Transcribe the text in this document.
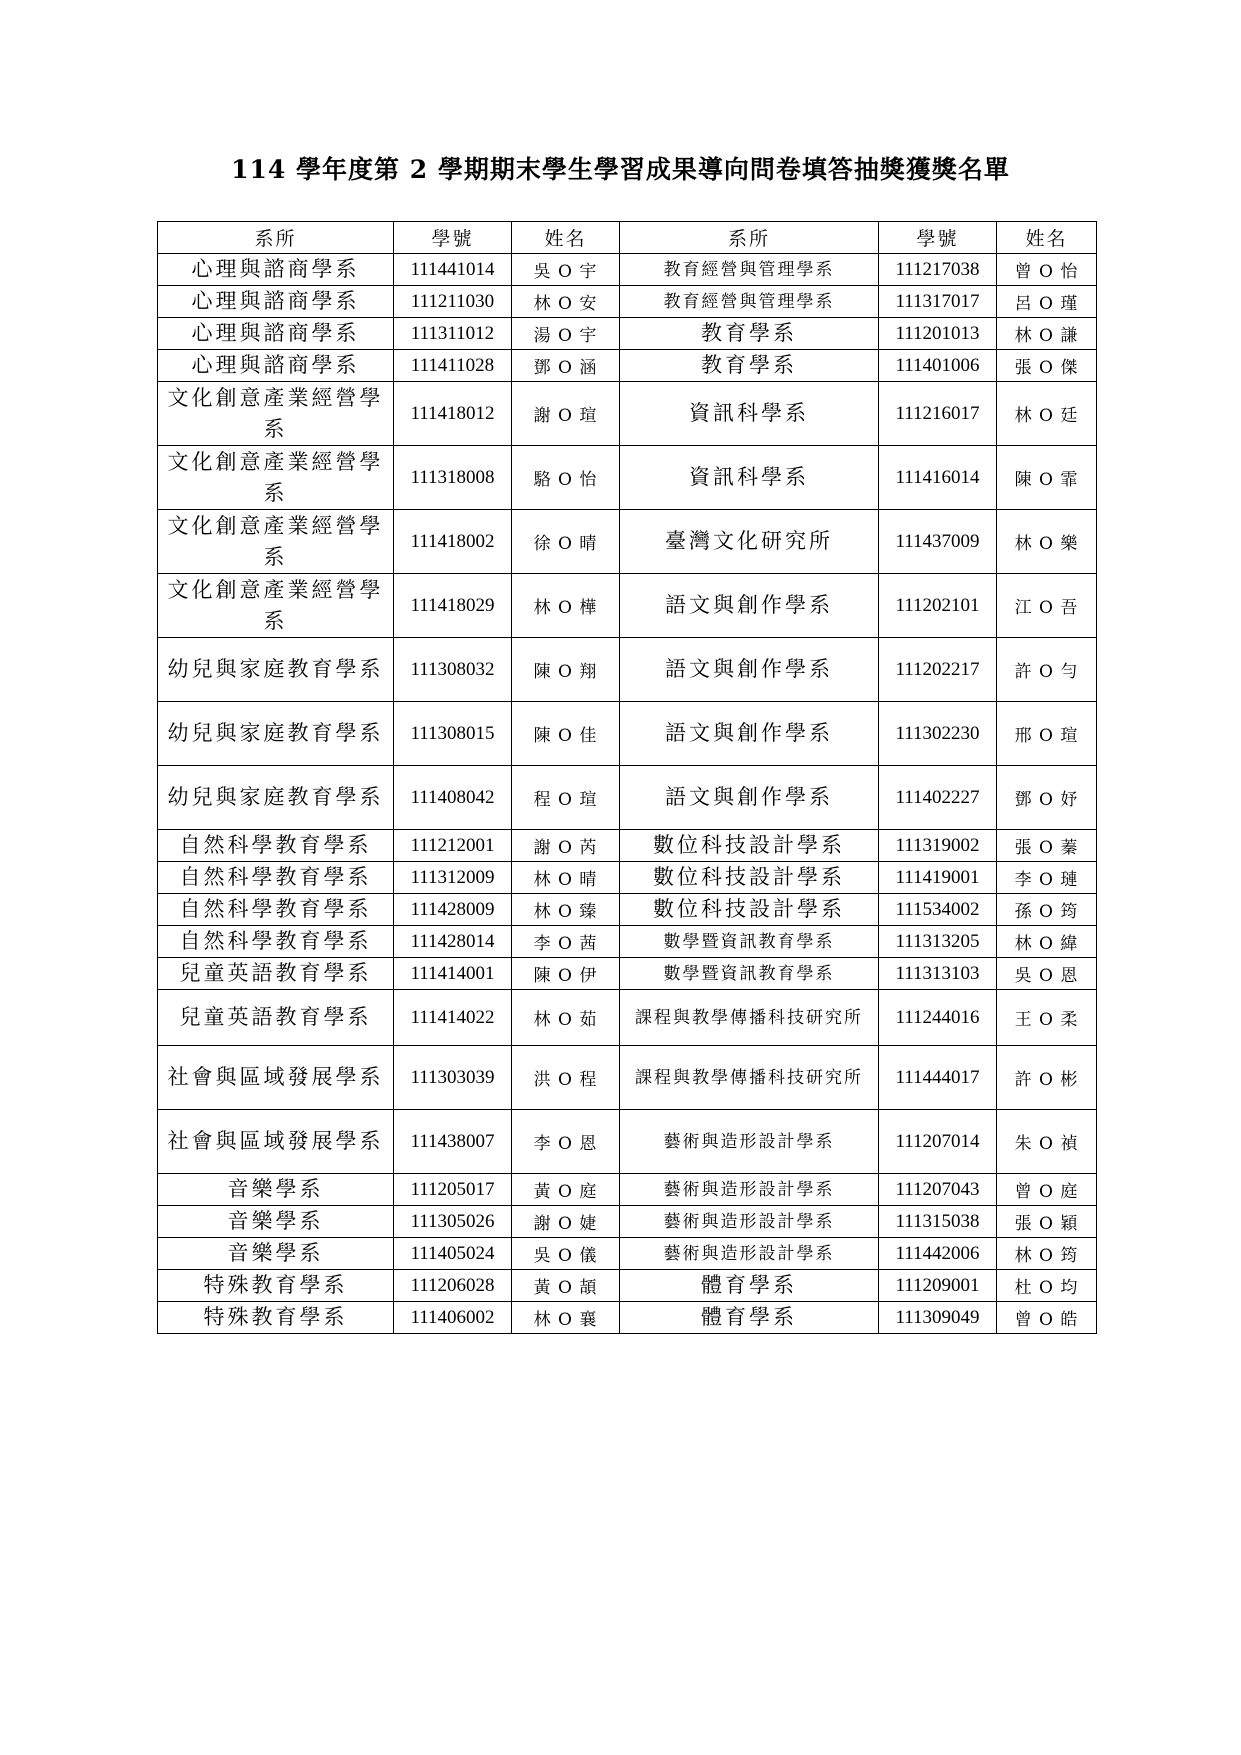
114 學年度第 2 學期期末學生學習成果導向問卷填答抽獎獲獎名單
系所	學號	姓名	系所	學號	姓名
心理與諮商學系	111441014	吳 O 宇	教育經營與管理學系	111217038	曾 O 怡
心理與諮商學系	111211030	林 O 安	教育經營與管理學系	111317017	呂 O 瑾
心理與諮商學系	111311012	湯 O 宇	教育學系	111201013	林 O 謙
心理與諮商學系	111411028	鄧 O 涵	教育學系	111401006	張 O 傑
文化創意產業經營學系	111418012	謝 O 瑄	資訊科學系	111216017	林 O 廷
文化創意產業經營學系	111318008	駱 O 怡	資訊科學系	111416014	陳 O 霏
文化創意產業經營學系	111418002	徐 O 晴	臺灣文化研究所	111437009	林 O 樂
文化創意產業經營學系	111418029	林 O 樺	語文與創作學系	111202101	江 O 吾
幼兒與家庭教育學系	111308032	陳 O 翔	語文與創作學系	111202217	許 O 勻
幼兒與家庭教育學系	111308015	陳 O 佳	語文與創作學系	111302230	邢 O 瑄
幼兒與家庭教育學系	111408042	程 O 瑄	語文與創作學系	111402227	鄧 O 妤
自然科學教育學系	111212001	謝 O 芮	數位科技設計學系	111319002	張 O 蓁
自然科學教育學系	111312009	林 O 晴	數位科技設計學系	111419001	李 O 璉
自然科學教育學系	111428009	林 O 臻	數位科技設計學系	111534002	孫 O 筠
自然科學教育學系	111428014	李 O 茜	數學暨資訊教育學系	111313205	林 O 緯
兒童英語教育學系	111414001	陳 O 伊	數學暨資訊教育學系	111313103	吳 O 恩
兒童英語教育學系	111414022	林 O 茹	課程與教學傳播科技研究所	111244016	王 O 柔
社會與區域發展學系	111303039	洪 O 程	課程與教學傳播科技研究所	111444017	許 O 彬
社會與區域發展學系	111438007	李 O 恩	藝術與造形設計學系	111207014	朱 O 禎
音樂學系	111205017	黃 O 庭	藝術與造形設計學系	111207043	曾 O 庭
音樂學系	111305026	謝 O 婕	藝術與造形設計學系	111315038	張 O 穎
音樂學系	111405024	吳 O 儀	藝術與造形設計學系	111442006	林 O 筠
特殊教育學系	111206028	黃 O 頡	體育學系	111209001	杜 O 均
特殊教育學系	111406002	林 O 襄	體育學系	111309049	曾 O 皓
